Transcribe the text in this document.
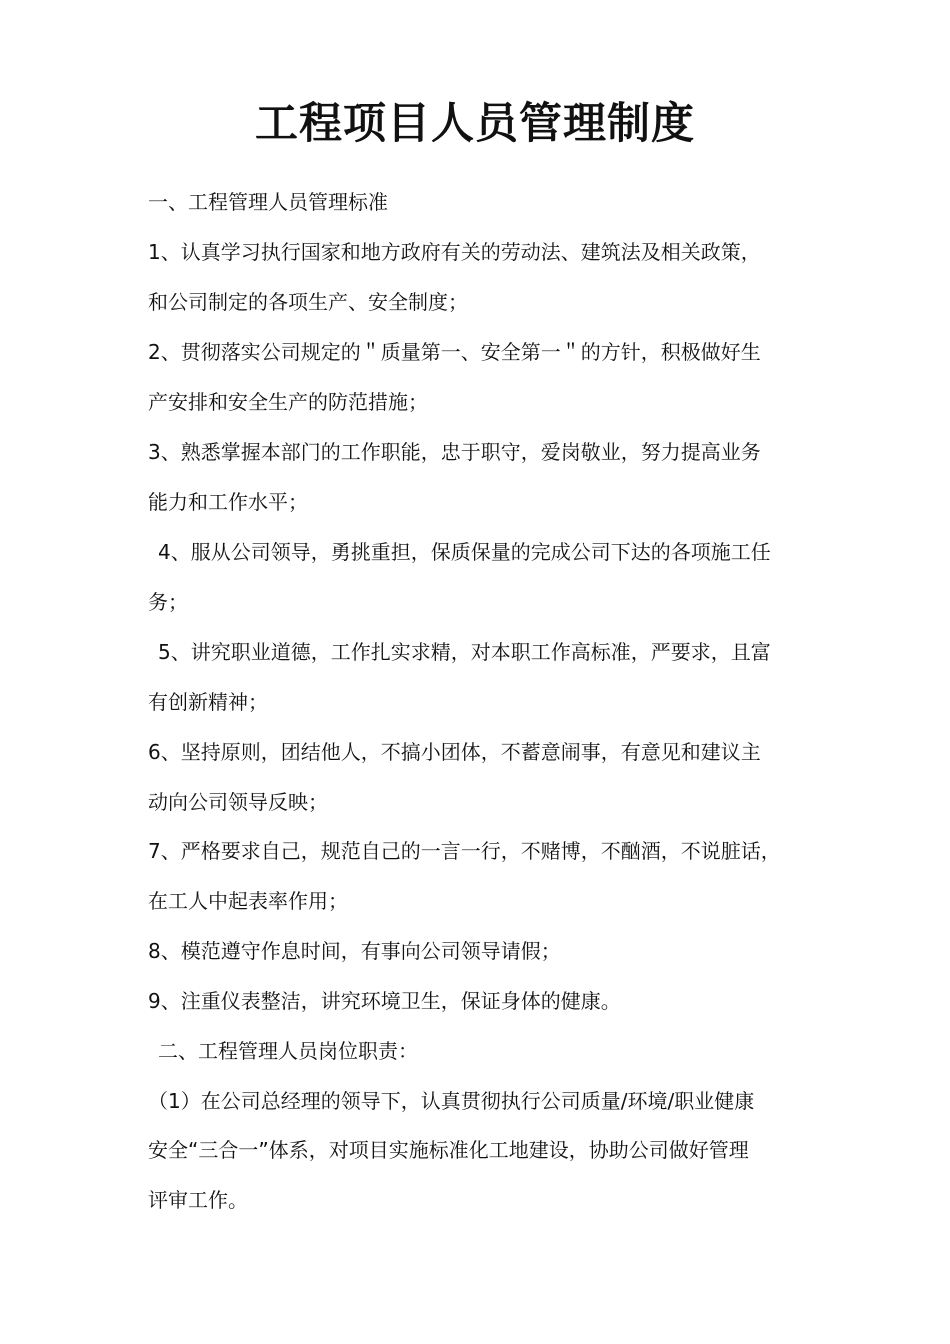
工程项目人员管理制度

一、工程管理人员管理标准

1、认真学习执行国家和地方政府有关的劳动法、建筑法及相关政策，

和公司制定的各项生产、安全制度；

2、贯彻落实公司规定的＂质量第一、安全第一＂的方针，积极做好生

产安排和安全生产的防范措施；

3、熟悉掌握本部门的工作职能，忠于职守，爱岗敬业，努力提高业务

能力和工作水平；

4、服从公司领导，勇挑重担，保质保量的完成公司下达的各项施工任

务；

5、讲究职业道德，工作扎实求精，对本职工作高标准，严要求，且富

有创新精神；

6、坚持原则，团结他人，不搞小团体，不蓄意闹事，有意见和建议主

动向公司领导反映；

7、严格要求自己，规范自己的一言一行，不赌博，不酗酒，不说脏话，

在工人中起表率作用；

8、模范遵守作息时间，有事向公司领导请假；

9、注重仪表整洁，讲究环境卫生，保证身体的健康。

二、工程管理人员岗位职责：

（1）在公司总经理的领导下，认真贯彻执行公司质量/环境/职业健康

安全“三合一”体系，对项目实施标准化工地建设，协助公司做好管理

评审工作。
